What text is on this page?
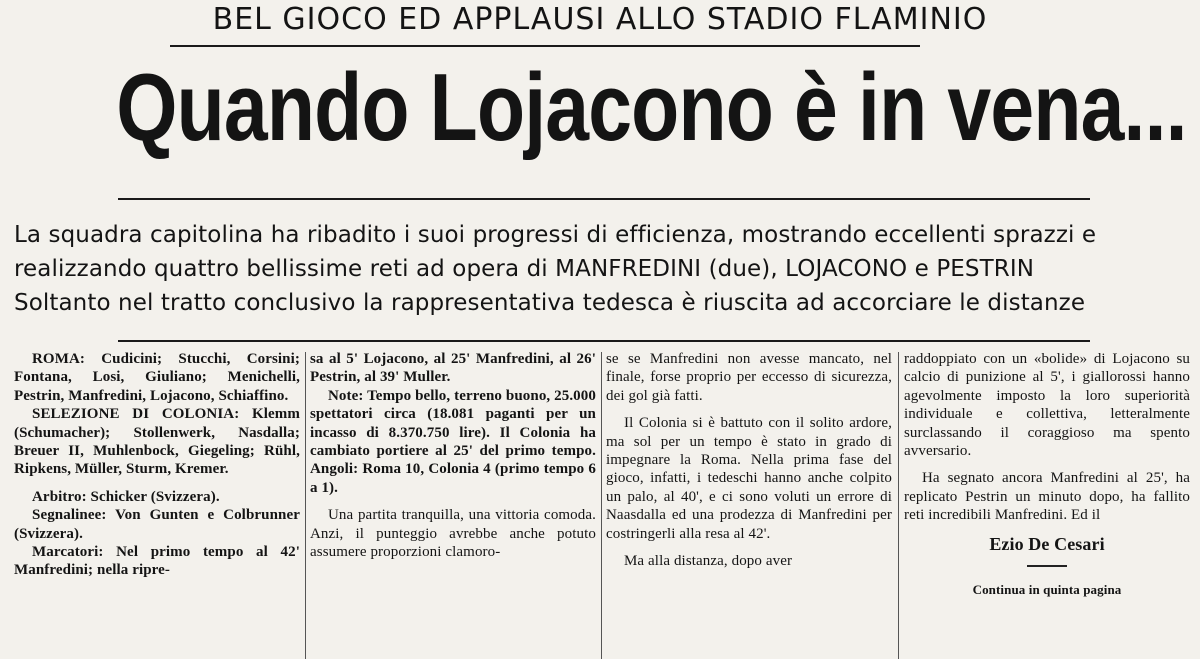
BEL GIOCO ED APPLAUSI ALLO STADIO FLAMINIO
Quando Lojacono è in vena...
La squadra capitolina ha ribadito i suoi progressi di efficienza, mostrando eccellenti sprazzi e
realizzando quattro bellissime reti ad opera di MANFREDINI (due), LOJACONO e PESTRIN
Soltanto nel tratto conclusivo la rappresentativa tedesca è riuscita ad accorciare le distanze

ROMA: Cudicini; Stucchi, Corsini; Fontana, Losi, Giuliano; Menichelli, Pestrin, Manfredini, Lojacono, Schiaffino.

SELEZIONE DI COLONIA: Klemm (Schumacher); Stollenwerk, Nasdalla; Breuer II, Muhlenbock, Giegeling; Rühl, Ripkens, Müller, Sturm, Kremer.

Arbitro: Schicker (Svizzera).

Segnalinee: Von Gunten e Colbrunner (Svizzera).

Marcatori: Nel primo tempo al 42' Manfredini; nella ripre-

sa al 5' Lojacono, al 25' Manfredini, al 26' Pestrin, al 39' Muller.

Note: Tempo bello, terreno buono, 25.000 spettatori circa (18.081 paganti per un incasso di 8.370.750 lire). Il Colonia ha cambiato portiere al 25' del primo tempo. Angoli: Roma 10, Colonia 4 (primo tempo 6 a 1).

Una partita tranquilla, una vittoria comoda. Anzi, il punteggio avrebbe anche potuto assumere proporzioni clamoro-

se se Manfredini non avesse mancato, nel finale, forse proprio per eccesso di sicurezza, dei gol già fatti.

Il Colonia si è battuto con il solito ardore, ma sol per un tempo è stato in grado di impegnare la Roma. Nella prima fase del gioco, infatti, i tedeschi hanno anche colpito un palo, al 40', e ci sono voluti un errore di Naasdalla ed una prodezza di Manfredini per costringerli alla resa al 42'.

Ma alla distanza, dopo aver

raddoppiato con un «bolide» di Lojacono su calcio di punizione al 5', i giallorossi hanno agevolmente imposto la loro superiorità individuale e collettiva, letteralmente surclassando il coraggioso ma spento avversario.

Ha segnato ancora Manfredini al 25', ha replicato Pestrin un minuto dopo, ha fallito reti incredibili Manfredini. Ed il

Ezio De Cesari
Continua in quinta pagina
